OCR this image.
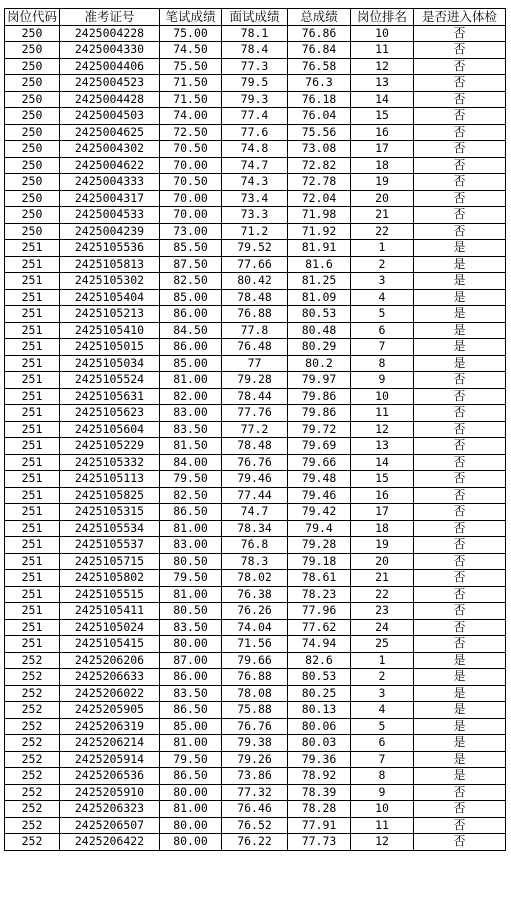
岗位代码	准考证号	笔试成绩	面试成绩	总成绩	岗位排名	是否进入体检
250	2425004228	75.00	78.1	76.86	10	否
250	2425004330	74.50	78.4	76.84	11	否
250	2425004406	75.50	77.3	76.58	12	否
250	2425004523	71.50	79.5	76.3	13	否
250	2425004428	71.50	79.3	76.18	14	否
250	2425004503	74.00	77.4	76.04	15	否
250	2425004625	72.50	77.6	75.56	16	否
250	2425004302	70.50	74.8	73.08	17	否
250	2425004622	70.00	74.7	72.82	18	否
250	2425004333	70.50	74.3	72.78	19	否
250	2425004317	70.00	73.4	72.04	20	否
250	2425004533	70.00	73.3	71.98	21	否
250	2425004239	73.00	71.2	71.92	22	否
251	2425105536	85.50	79.52	81.91	1	是
251	2425105813	87.50	77.66	81.6	2	是
251	2425105302	82.50	80.42	81.25	3	是
251	2425105404	85.00	78.48	81.09	4	是
251	2425105213	86.00	76.88	80.53	5	是
251	2425105410	84.50	77.8	80.48	6	是
251	2425105015	86.00	76.48	80.29	7	是
251	2425105034	85.00	77	80.2	8	是
251	2425105524	81.00	79.28	79.97	9	否
251	2425105631	82.00	78.44	79.86	10	否
251	2425105623	83.00	77.76	79.86	11	否
251	2425105604	83.50	77.2	79.72	12	否
251	2425105229	81.50	78.48	79.69	13	否
251	2425105332	84.00	76.76	79.66	14	否
251	2425105113	79.50	79.46	79.48	15	否
251	2425105825	82.50	77.44	79.46	16	否
251	2425105315	86.50	74.7	79.42	17	否
251	2425105534	81.00	78.34	79.4	18	否
251	2425105537	83.00	76.8	79.28	19	否
251	2425105715	80.50	78.3	79.18	20	否
251	2425105802	79.50	78.02	78.61	21	否
251	2425105515	81.00	76.38	78.23	22	否
251	2425105411	80.50	76.26	77.96	23	否
251	2425105024	83.50	74.04	77.62	24	否
251	2425105415	80.00	71.56	74.94	25	否
252	2425206206	87.00	79.66	82.6	1	是
252	2425206633	86.00	76.88	80.53	2	是
252	2425206022	83.50	78.08	80.25	3	是
252	2425205905	86.50	75.88	80.13	4	是
252	2425206319	85.00	76.76	80.06	5	是
252	2425206214	81.00	79.38	80.03	6	是
252	2425205914	79.50	79.26	79.36	7	是
252	2425206536	86.50	73.86	78.92	8	是
252	2425205910	80.00	77.32	78.39	9	否
252	2425206323	81.00	76.46	78.28	10	否
252	2425206507	80.00	76.52	77.91	11	否
252	2425206422	80.00	76.22	77.73	12	否
